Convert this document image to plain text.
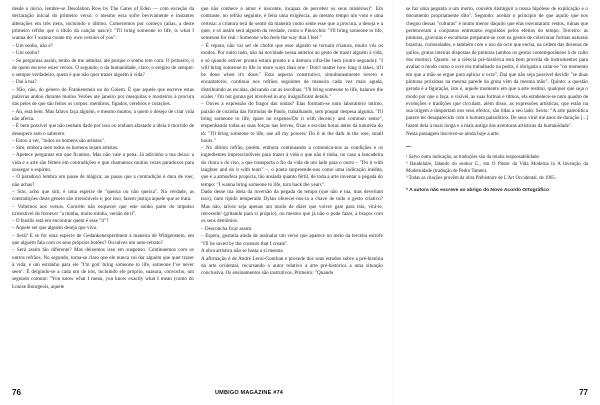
desde o início, lembre-se Desolation Row by The Gates of Eden — com exceção da declaração inicial do primeiro verso, o mesmo essa sofre bevivamente e instantes alterações em três itens, incluindo o último. Comecemos por começo (ailas, a deste primeiro refrão que o título da canção nasce): "I'll bring someone to life, is what I wanna do/ I wanna create my own version of you".

– Um sonho, não é?

– Um sonho?

– Se perguntas assim, tenho de me admitar, até porque o sonho tem cura. O primeiro, o de quem escreve estes versos. O segundo, o da humanidade, claro, o eregiro de sempre: o sempre verdadeiro, quem é que não quer trazer alguém à vida?

– Daí à tua?

– Não, não, do género do Frankenstein ou do Golem. É que aquele que escreve estas palavras andou durante muitos Verões até janeiro por mesquitas e mosteiros à procura das peles de que são feitos os corpos: membros, fígados, cérebros e corações.

– Ah, está bem. Mas falavo faça alguém, e mesmo muitos, a quem o desejo de criar vida não afecta.

– É bem possível que não tenham dado por isso ou tenham afastado a ideia é morrido de desespero sem o saberem.

– Estou a ver, "todos os homens são artistas".

– Sim, embora nem todos os homens sejam artistas.

– Apetece perguntar em que ficamos. Mas não vale a pena. Já adivinho a tua deixa: a vida e a arte são férteis em contradições e que chamamos muitas vezes paradoxos para sossegar o espírito.

– O paradoxo lembra um passe de mágica; ao passo que a contradição é dura de roer, não achas?

– Sim, acho que sim, é uma espécie de "queixa ou não queixa". Na verdade, as contradições deste género são irresolúveis e, por isso, fazem justiça àquele que se trata.

– Voltemos aos versos. Convém não esquecer que este sonho parte do impulso irresistível de fornecer "a minha, muito minha, versão de ti".

– O busílis está em encontrar quem é esse "ti"?

– Aquele ser que alguém deseja que viva.

– Será? E se for uma espécie de Gedankenexperiment à maneira de Wittgenstein, em que alguém fala com os seus próprios botões? Ou talvez um auto-retrato?

– Será assim tão diferente? Mas deixemos isso em suspenso. Continuemos com os outros refrãos. No segundo, toma-se claro que ele nunca vai dar alguém que quer trazer à vida, é um estranho para ele "I'm gon' bring someone to life, someone I've never seen". É delgindo-se a cada um de nós, incluindo ele próprio, suasura, convocho, um segundo comum: "You know what I mean, you know exactly what I mean (como do Louise Bourgeois, aquele

que não conhece o amor é inocente, incapaz de perceber os seus mistérios)". Em contraste, no refrão seguinte, é feita uma exigência, ao mesmo tempo um voto e uma certeza: a criatura terá de sentir da maneira como sente esse que a procura, a deseja e a quer, e só assim será alguém da verdade, como o Pinocchio: "I'll bring someone to life, someone for real / Someone who feels the way that I feel."

– É repara, não vai ser de chofre que esse alguém se tornará criatura, muito vós os modos. Por outro lado, não há novidade nessa anterior ao gesto de trazer alguém à vida, e só quando estiver pronto estará pronto e a demora cifra-lhe bem (outro segundo): "I will bring someone to life in more ways than one / Don't matter how long it takes, it'll be done when it's done." Esta aspecto construtivo, simultaneamente severo e encantatório, continua nos refrãos seguintes de maneira cada vez mais aguda, distribuindo as escalas, deixando car as escolhas: "I'll bring someone to life, balance the scales / I'm not gonna get involved in any insignificant details."

– Ouves a expressão do fragor das ondas? Elas formam-se num laboratório íntimo, paixão de cozinha das fórmulas de Paulo, trabalhando, sem poupar despesa alguma. "I'll bring someone to life, spare no expense/Do it with decency and common sense", empenhando todas as suas forças nas breves, fixas e escolas horas antes da natureza do tô: "I'll bring someone to life, use all my powers/ Do it in the dark in the wee, small hours."

– No último refrão, porém, embora continuando a comunica-nos as condições e os ingredientes imprescindíveis para trazer à vida o que não é tinha, no caso a lancadeira do chora e do riso, a que transporta o fio da vida de um lado para o outro – "Do it with laughter and do it with tears" –, o poeta surpreende-nos como uma indicação inédita, que é a atmosfera propícia, tão ansiada quanto fértil, de toda a arte inventar a pegada do tempo: "I wanna bring someone to life, turn back the years".

Dado desse tua ideia da inversão da pegada do tempo (que não é tua, mas deveriam isso), num ripido temperado Dylan ofereceí-nos-ia a chave de todo o gesto criativo? Mas não, talvez seja apenas um modo de dizer que volver gate para trás, virá-te, retrocede! (gritando para si próprio), ou mesmo que já não o pode fazer, a braços com os seus demônios.

– Desconcha ficar assim.

– Espera, gostaria ainda de assinalar um verso que aparece no meio da terceira estrofe "I'll be saved by the creature that I create".

A obra artística não se basta a si mesma

A afirmação é de André Leroi-Gourhan e procede dos seus estudos sobre a pré-história da arte ocidental, recursando o autor relativo a arte pré-histórica a uma situação conclusiva. Os ensinamentos são instrutivos. Primeiro: "Quando

se faz uma pegunta a um morto, convém distinguir a nossa hipótese de explicação e o documento propriamente dito". Segundo: aceitar o princípio de que aquilo que nos chegou dessas "culturas" é muito menor daquilo que elas executaram: restos, ruínas que pertenceram a conjuntos entretanto engolidos pelos efeitos do tempo. Terceiro: as pinturas, gravuras e esculturas preparam-se com os gestos de colecionar formas naturais bizarras, curiosidades, e também com o uso do ocre que encha, na ordem das dezenas de quilos, grutas inteiras dispostas de pinturas (ambos os gestos contemporâneos à do culto dos mortos). Quarto: se a ciência pré-histórica está bem provida de instrumentos para avaliar o modo como o ocre era trabalhado na pedra, é obrigada a calar-se "no momento em que a mão se ergue para aplicar o ocre". Dai que não seja possível decidir "se duas pinturas próximas na mesma parede da gruta vêm da mesma mão". Quinto: a questão gerada é a figuração, isto é, aquele momento em que a arte restitui, qualquer que seja o modo por que o faça, o visível, as suas formas e ritmos, ela estabelece-se num quadro de evoluções e tradições que circulam, além disso, as expressões artísticas, que estão na sua origem e desportam nos seus efeitos, são tidas a seu lado. Sexto: "A arte paleolítica parece ter desaparecido com o homem paleolítico. De seus vírié mé anos de duração [...] fazem dela a mais longa e a mais antiga das aventuras artísticas da humanidade".

Nesta passagem inscreve-se ainda hoje a arte.

—

¹ Salvo outra indicação, as traduções são da minha responsabilidade.

² Baudelaire, falando do senhor G., em O Pintor da Vida Moderna in A Invenção da Modernidade (tradução de Pedro Tamen).

³ Todas as citações provêm da obra Préhistoire de L'Art Occidental, de 1965.

* A autora não escreve ao abrigo do Novo Acordo Ortográfico
76	UMBIGO MAGAZINE #74	77
